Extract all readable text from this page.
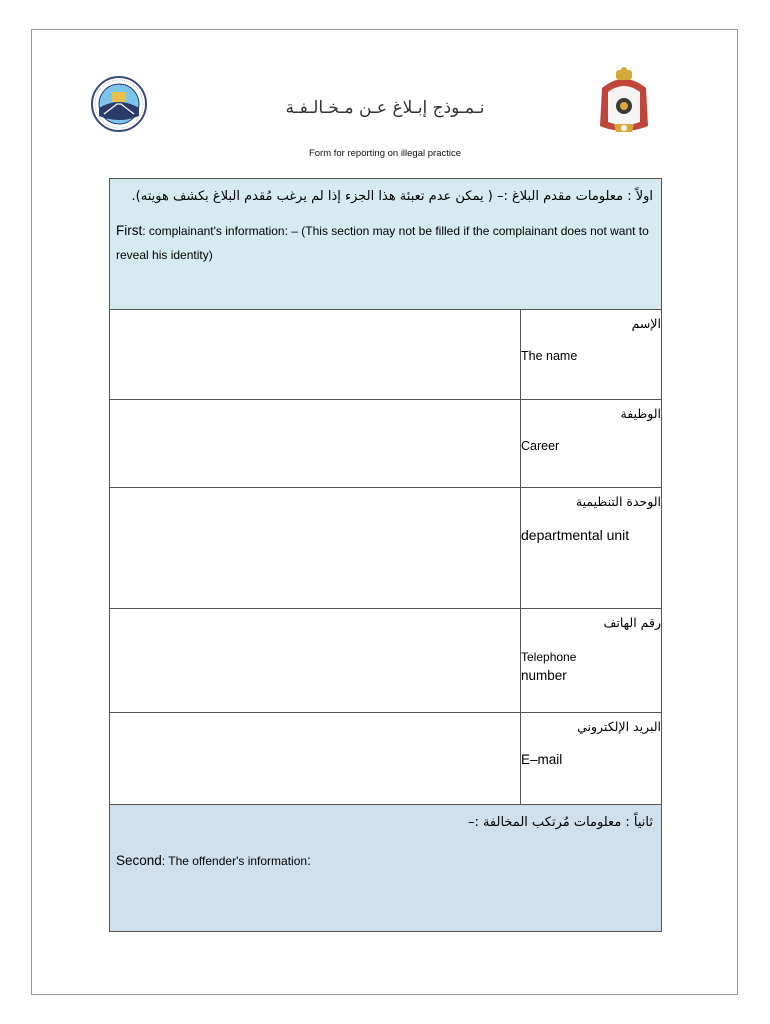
نـمـوذج إبـلاغ عـن مـخـالـفـة
Form for reporting on illegal practice
اولاً : معلومات مقدم البلاغ :– ( يمكن عدم تعبئة هذا الجزء إذا لم يرغب مُقدم البلاغ بكشف هويته).
First: complainant's information: – (This section may not be filled if the complainant does not want to reveal his identity)	

	الإسم
The name

	الوظيفة
Career

	الوحدة التنظيمية
departmental unit

	رقم الهاتف
Telephone
number

	البريد الإلكتروني
E–mail

ثانياً : معلومات مُرتكب المخالفة :–
Second: The offender's information:	
